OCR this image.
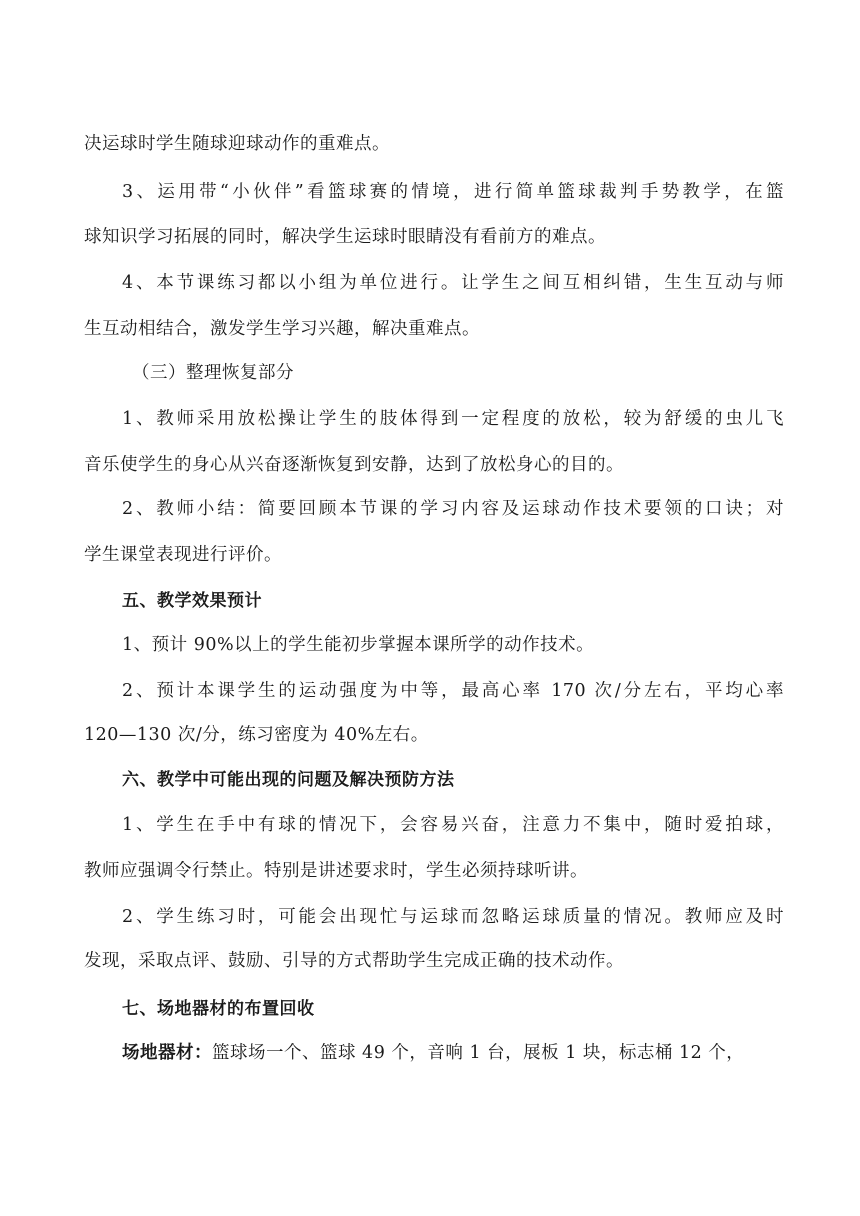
决运球时学生随球迎球动作的重难点。
3、运用带“小伙伴”看篮球赛的情境，进行简单篮球裁判手势教学，在篮
球知识学习拓展的同时，解决学生运球时眼睛没有看前方的难点。
4、本节课练习都以小组为单位进行。让学生之间互相纠错，生生互动与师
生互动相结合，激发学生学习兴趣，解决重难点。
（三）整理恢复部分
1、教师采用放松操让学生的肢体得到一定程度的放松，较为舒缓的虫儿飞
音乐使学生的身心从兴奋逐渐恢复到安静，达到了放松身心的目的。
2、教师小结：简要回顾本节课的学习内容及运球动作技术要领的口诀；对
学生课堂表现进行评价。
五、教学效果预计
1、预计 90%以上的学生能初步掌握本课所学的动作技术。
2、预计本课学生的运动强度为中等，最高心率 170 次/分左右，平均心率
120—130 次/分，练习密度为 40%左右。
六、教学中可能出现的问题及解决预防方法
1、学生在手中有球的情况下，会容易兴奋，注意力不集中，随时爱拍球，
教师应强调令行禁止。特别是讲述要求时，学生必须持球听讲。
2、学生练习时，可能会出现忙与运球而忽略运球质量的情况。教师应及时
发现，采取点评、鼓励、引导的方式帮助学生完成正确的技术动作。
七、场地器材的布置回收
场地器材：篮球场一个、篮球 49 个，音响 1 台，展板 1 块，标志桶 12 个，
